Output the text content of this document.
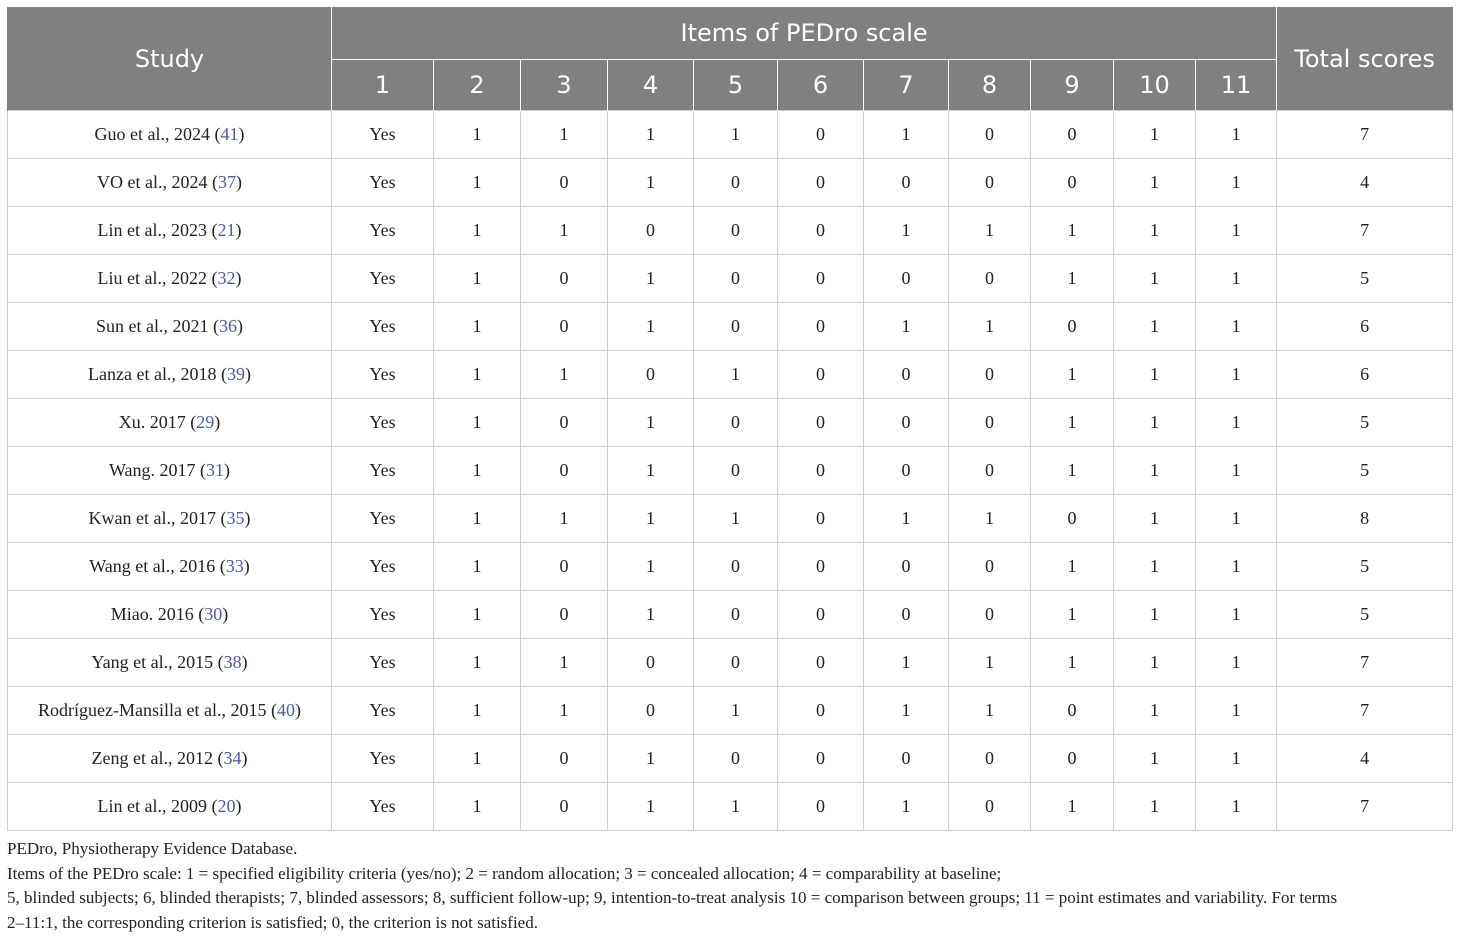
Study	Items of PEDro scale											Total scores
	1	2	3	4	5	6	7	8	9	10	11	
Guo et al., 2024 (41)	Yes	1	1	1	1	0	1	0	0	1	1	7
VO et al., 2024 (37)	Yes	1	0	1	0	0	0	0	0	1	1	4
Lin et al., 2023 (21)	Yes	1	1	0	0	0	1	1	1	1	1	7
Liu et al., 2022 (32)	Yes	1	0	1	0	0	0	0	1	1	1	5
Sun et al., 2021 (36)	Yes	1	0	1	0	0	1	1	0	1	1	6
Lanza et al., 2018 (39)	Yes	1	1	0	1	0	0	0	1	1	1	6
Xu. 2017 (29)	Yes	1	0	1	0	0	0	0	1	1	1	5
Wang. 2017 (31)	Yes	1	0	1	0	0	0	0	1	1	1	5
Kwan et al., 2017 (35)	Yes	1	1	1	1	0	1	1	0	1	1	8
Wang et al., 2016 (33)	Yes	1	0	1	0	0	0	0	1	1	1	5
Miao. 2016 (30)	Yes	1	0	1	0	0	0	0	1	1	1	5
Yang et al., 2015 (38)	Yes	1	1	0	0	0	1	1	1	1	1	7
Rodríguez-Mansilla et al., 2015 (40)	Yes	1	1	0	1	0	1	1	0	1	1	7
Zeng et al., 2012 (34)	Yes	1	0	1	0	0	0	0	0	1	1	4
Lin et al., 2009 (20)	Yes	1	0	1	1	0	1	0	1	1	1	7
PEDro, Physiotherapy Evidence Database.
Items of the PEDro scale: 1 = specified eligibility criteria (yes/no); 2 = random allocation; 3 = concealed allocation; 4 = comparability at baseline;
5, blinded subjects; 6, blinded therapists; 7, blinded assessors; 8, sufficient follow-up; 9, intention-to-treat analysis 10 = comparison between groups; 11 = point estimates and variability. For terms
2–11:1, the corresponding criterion is satisfied; 0, the criterion is not satisfied.
